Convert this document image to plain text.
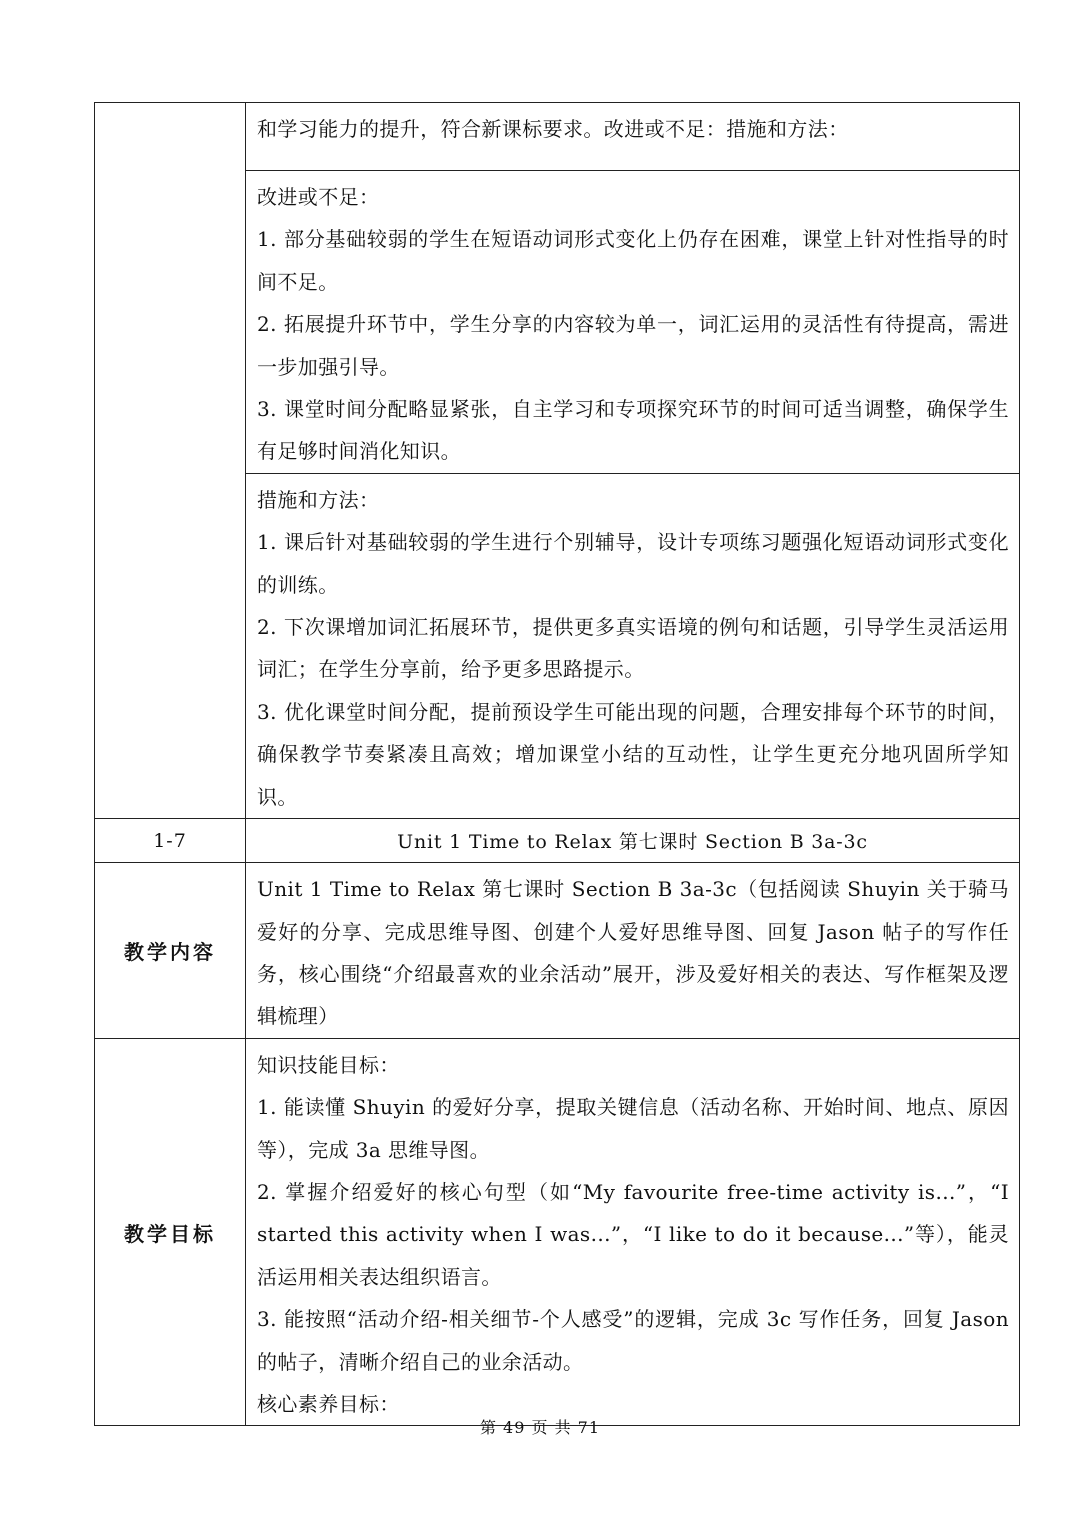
	和学习能力的提升，符合新课标要求。改进或不足：措施和方法：

	改进或不足：

1. 部分基础较弱的学生在短语动词形式变化上仍存在困难，课堂上针对性指导的时间不足。

2. 拓展提升环节中，学生分享的内容较为单一，词汇运用的灵活性有待提高，需进一步加强引导。

3. 课堂时间分配略显紧张，自主学习和专项探究环节的时间可适当调整，确保学生有足够时间消化知识。

	措施和方法：

1. 课后针对基础较弱的学生进行个别辅导，设计专项练习题强化短语动词形式变化的训练。

2. 下次课增加词汇拓展环节，提供更多真实语境的例句和话题，引导学生灵活运用词汇；在学生分享前，给予更多思路提示。

3. 优化课堂时间分配，提前预设学生可能出现的问题，合理安排每个环节的时间，确保教学节奏紧凑且高效；增加课堂小结的互动性，让学生更充分地巩固所学知识。

1-7	Unit 1 Time to Relax 第七课时 Section B 3a-3c
教学内容	Unit 1 Time to Relax 第七课时 Section B 3a-3c（包括阅读 Shuyin 关于骑马爱好的分享、完成思维导图、创建个人爱好思维导图、回复 Jason 帖子的写作任务，核心围绕“介绍最喜欢的业余活动”展开，涉及爱好相关的表达、写作框架及逻辑梳理）

教学目标	知识技能目标：

1. 能读懂 Shuyin 的爱好分享，提取关键信息（活动名称、开始时间、地点、原因等），完成 3a 思维导图。

2. 掌握介绍爱好的核心句型（如“My favourite free-time activity is...”，“I started this activity when I was...”，“I like to do it because...”等），能灵活运用相关表达组织语言。

3. 能按照“活动介绍-相关细节-个人感受”的逻辑，完成 3c 写作任务，回复 Jason 的帖子，清晰介绍自己的业余活动。

核心素养目标：

第 49 页 共 71
